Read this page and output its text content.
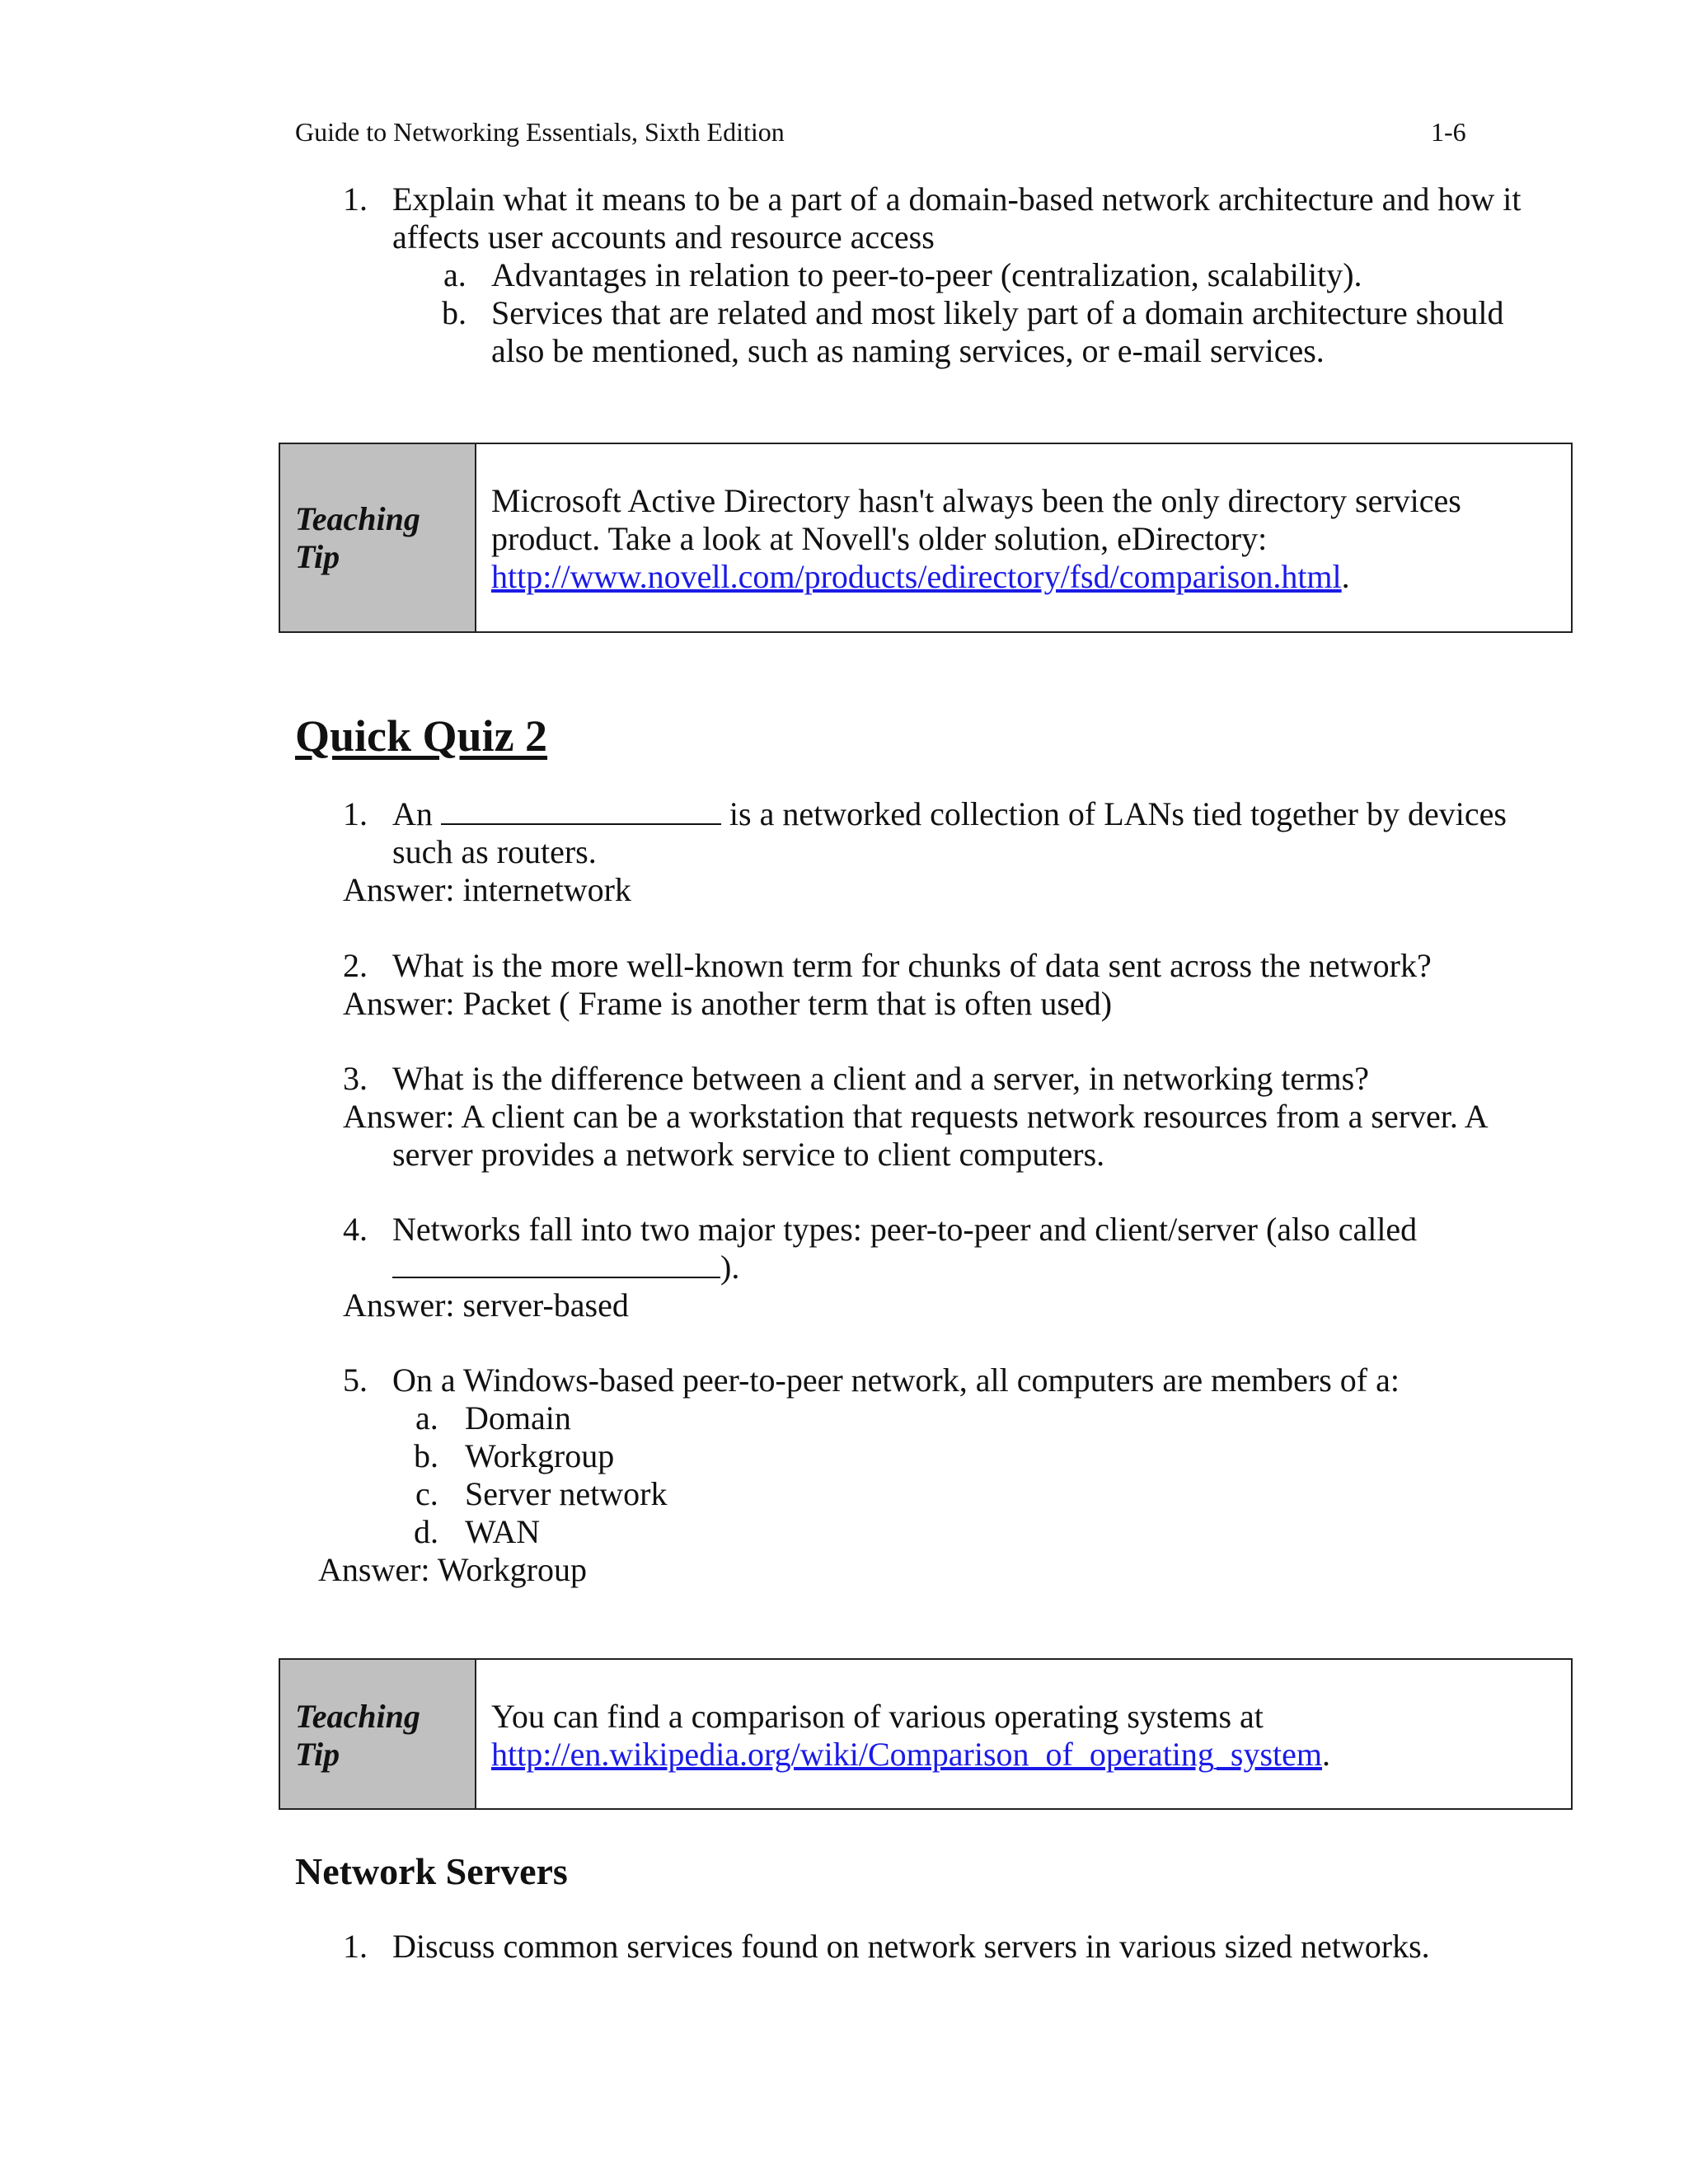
Guide to Networking Essentials, Sixth Edition	1-6
1. Explain what it means to be a part of a domain-based network architecture and how it
affects user accounts and resource access
a. Advantages in relation to peer-to-peer (centralization, scalability).
b. Services that are related and most likely part of a domain architecture should
also be mentioned, such as naming services, or e-mail services.
Teaching
Tip
Microsoft Active Directory hasn't always been the only directory services
product. Take a look at Novell's older solution, eDirectory:
http://www.novell.com/products/edirectory/fsd/comparison.html.
Quick Quiz 2
1. An	is a networked collection of LANs tied together by devices
such as routers.
Answer: internetwork
2. What is the more well-known term for chunks of data sent across the network?
Answer: Packet ( Frame is another term that is often used)
3. What is the difference between a client and a server, in networking terms?
Answer: A client can be a workstation that requests network resources from a server. A
server provides a network service to client computers.
4. Networks fall into two major types: peer-to-peer and client/server (also called
).
Answer: server-based
5. On a Windows-based peer-to-peer network, all computers are members of a:
a. Domain
b. Workgroup
c. Server network
d. WAN
Answer: Workgroup
Teaching
Tip
You can find a comparison of various operating systems at
http://en.wikipedia.org/wiki/Comparison_of_operating_system.
Network Servers
1. Discuss common services found on network servers in various sized networks.
